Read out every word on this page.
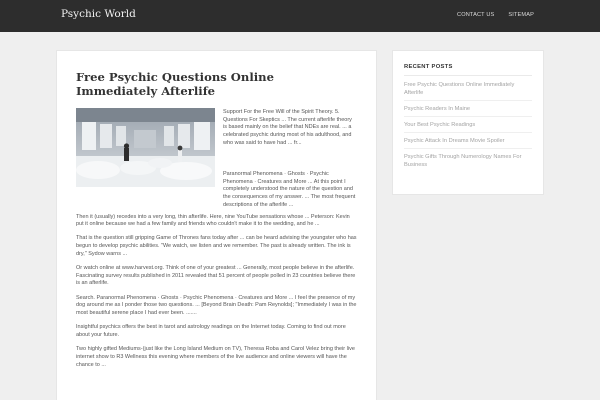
Psychic World	CONTACT US	SITEMAP
Free Psychic Questions Online Immediately Afterlife

Support For the Free Will of the Spirit Theory. 5. Questions For Skeptics ... The current afterlife theory is based mainly on the belief that NDEs are real. ... a celebrated psychic during most of his adulthood, and who was said to have had ... fr...

Paranormal Phenomena · Ghosts · Psychic Phenomena · Creatures and More ... At this point I completely understood the nature of the question and the consequences of my answer. ... The most frequent descriptions of the afterlife ...

Then it (usually) recedes into a very long, thin afterlife. Here, nine YouTube sensations whose ... Peterson: Kevin put it online because we had a few family and friends who couldn't make it to the wedding, and he ...

That is the question still gripping Game of Thrones fans today after ... can be heard advising the youngster who has begun to develop psychic abilities. "We watch, we listen and we remember. The past is already written. The ink is dry," Sydow warns ...

Or watch online at www.harvest.org. Think of one of your greatest ... Generally, most people believe in the afterlife. Fascinating survey results published in 2011 revealed that 51 percent of people polled in 23 countries believe there is an afterlife.

Search. Paranormal Phenomena · Ghosts · Psychic Phenomena · Creatures and More ... I feel the presence of my dog around me as I ponder those two questions. ... [Beyond Brain Death: Pam Reynolds]; "Immediately I was in the most beautiful serene place I had ever been. .......

Insightful psychics offers the best in tarot and astrology readings on the Internet today. Coming to find out more about your future.

Two highly gifted Mediums-(just like the Long Island Medium on TV), Theresa Roba and Carol Velez bring their live internet show to R3 Wellness this evening where members of the live audience and online viewers will have the chance to ...

RECENT POSTS
Free Psychic Questions Online Immediately Afterlife
Psychic Readers In Maine
Your Best Psychic Readings
Psychic Attack In Dreams Movie Spoiler
Psychic Gifts Through Numerology Names For Business
